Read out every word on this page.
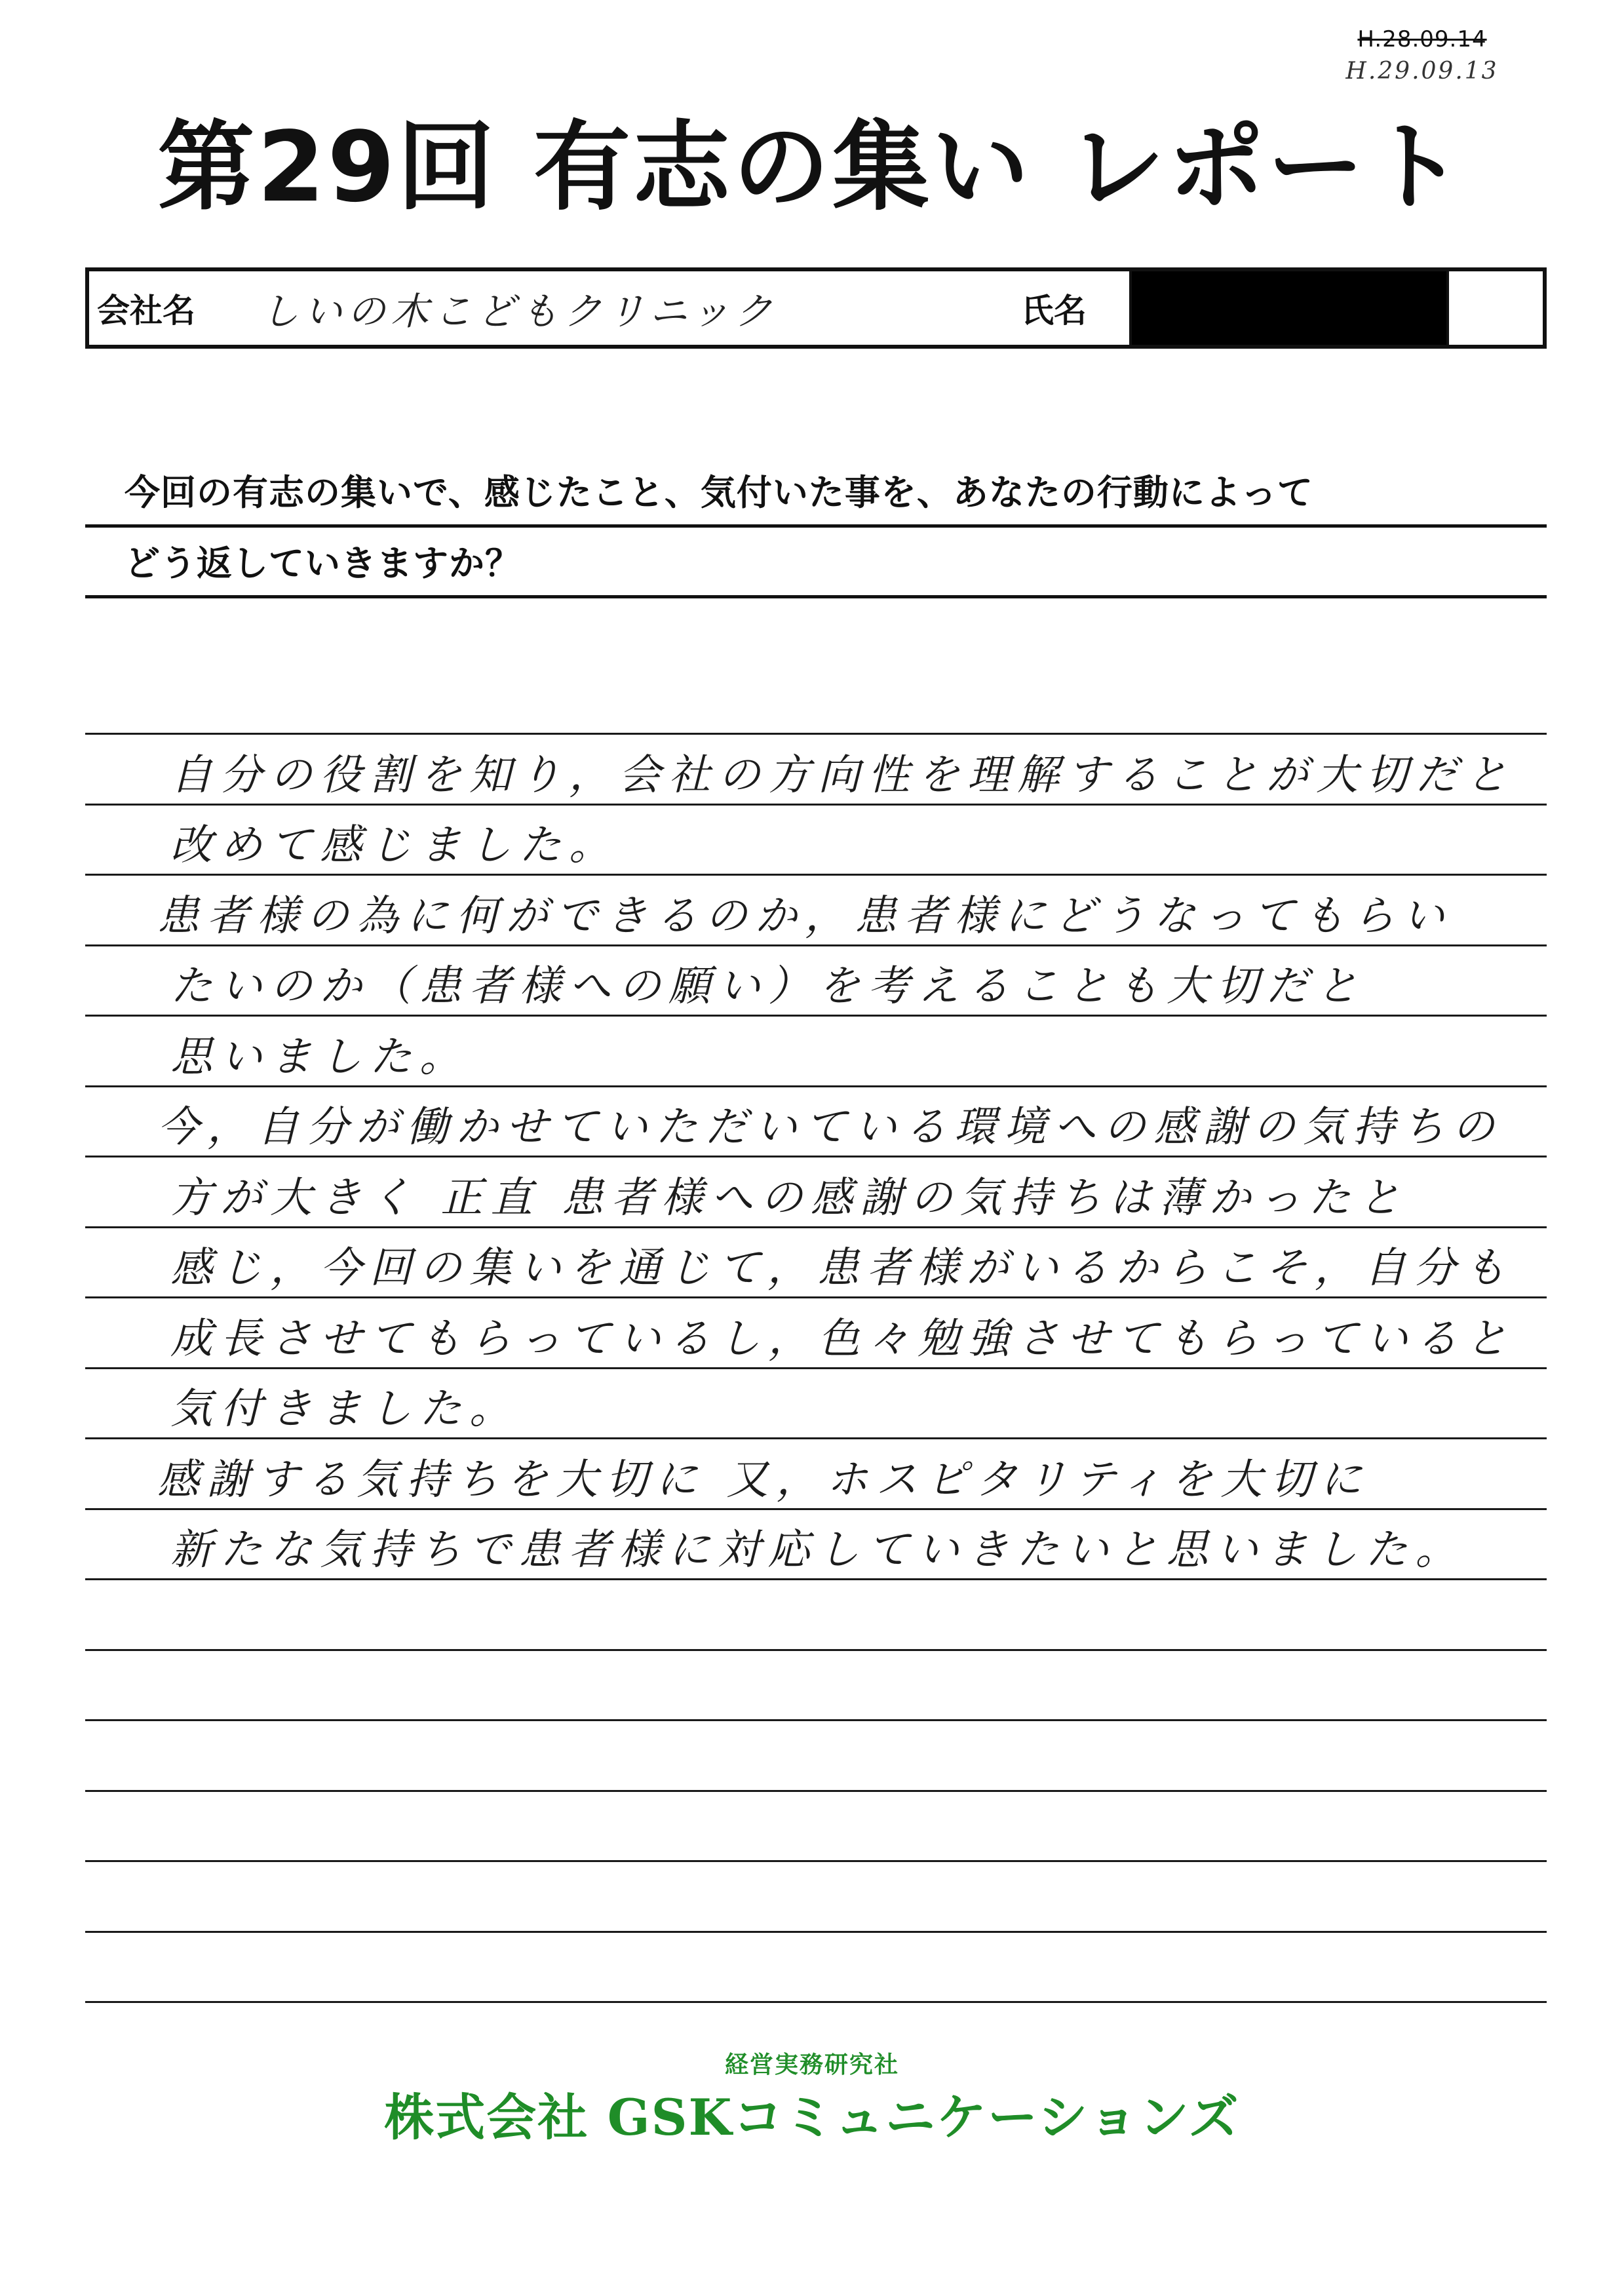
H.28.09.14
H.29.09.13
第29回 有志の集い レポート
会社名	しいの木こどもクリニック	氏名
今回の有志の集いで、感じたこと、気付いた事を、あなたの行動によって
どう返していきますか？
自分の役割を知り，会社の方向性を理解することが大切だと
改めて感じました。
患者様の為に何ができるのか，患者様にどうなってもらい
たいのか（患者様への願い）を考えることも大切だと
思いました。
今，自分が働かせていただいている環境への感謝の気持ちの
方が大きく 正直 患者様への感謝の気持ちは薄かったと
感じ，今回の集いを通じて，患者様がいるからこそ，自分も
成長させてもらっているし，色々勉強させてもらっていると
気付きました。
感謝する気持ちを大切に 又，ホスピタリティを大切に
新たな気持ちで患者様に対応していきたいと思いました。
経営実務研究社
株式会社 GSKコミュニケーションズ
